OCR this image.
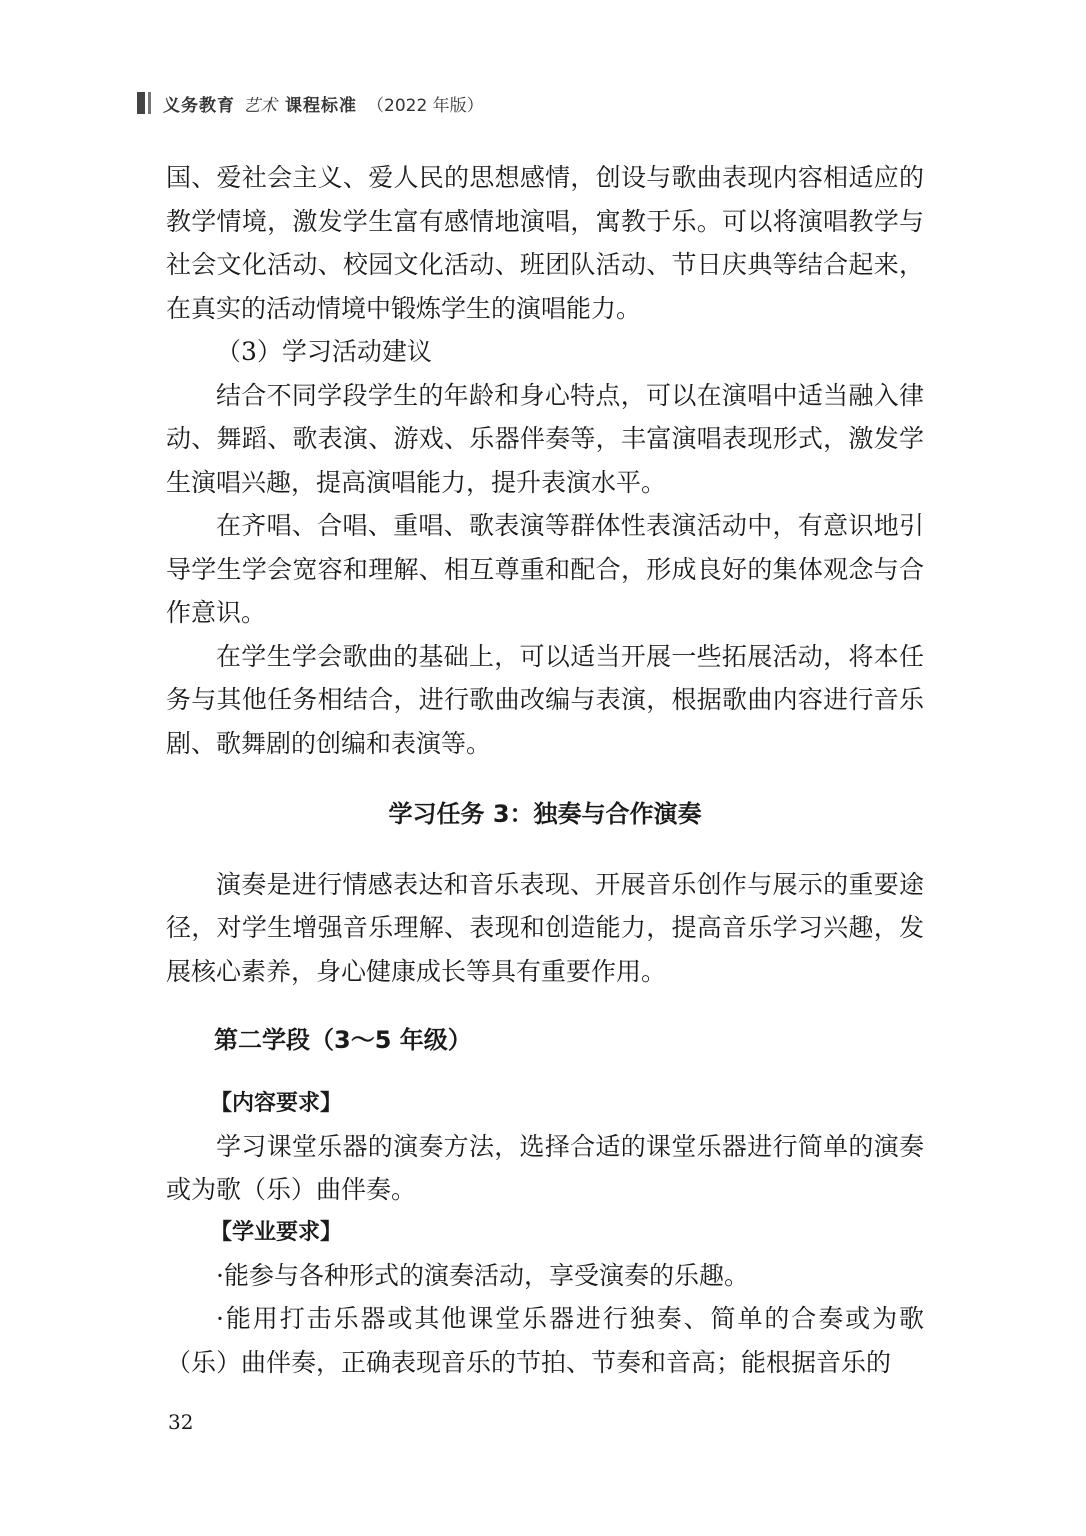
义务教育 艺术 课程标准 （2022 年版）

国、爱社会主义、爱人民的思想感情，创设与歌曲表现内容相适应的教学情境，激发学生富有感情地演唱，寓教于乐。可以将演唱教学与社会文化活动、校园文化活动、班团队活动、节日庆典等结合起来，在真实的活动情境中锻炼学生的演唱能力。

（3）学习活动建议

结合不同学段学生的年龄和身心特点，可以在演唱中适当融入律动、舞蹈、歌表演、游戏、乐器伴奏等，丰富演唱表现形式，激发学生演唱兴趣，提高演唱能力，提升表演水平。

在齐唱、合唱、重唱、歌表演等群体性表演活动中，有意识地引导学生学会宽容和理解、相互尊重和配合，形成良好的集体观念与合作意识。

在学生学会歌曲的基础上，可以适当开展一些拓展活动，将本任务与其他任务相结合，进行歌曲改编与表演，根据歌曲内容进行音乐剧、歌舞剧的创编和表演等。

学习任务 3：独奏与合作演奏

演奏是进行情感表达和音乐表现、开展音乐创作与展示的重要途径，对学生增强音乐理解、表现和创造能力，提高音乐学习兴趣，发展核心素养，身心健康成长等具有重要作用。

第二学段（3～5 年级）
【内容要求】

学习课堂乐器的演奏方法，选择合适的课堂乐器进行简单的演奏或为歌（乐）曲伴奏。

【学业要求】

·能参与各种形式的演奏活动，享受演奏的乐趣。

·能用打击乐器或其他课堂乐器进行独奏、简单的合奏或为歌（乐）曲伴奏，正确表现音乐的节拍、节奏和音高；能根据音乐的

32
